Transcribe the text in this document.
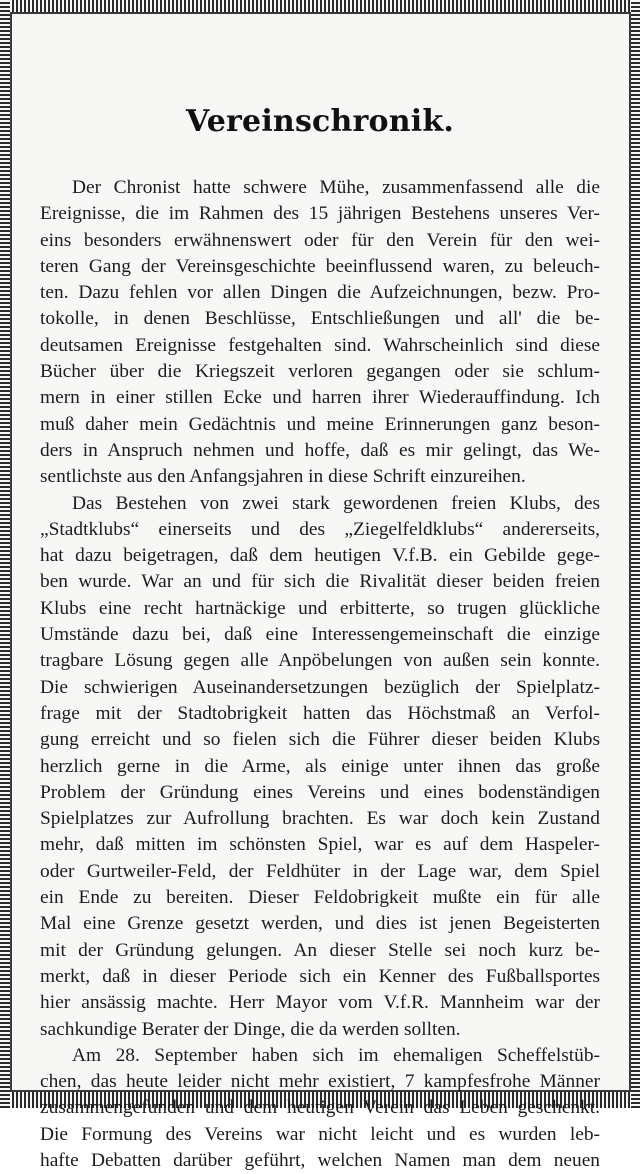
Vereinschronik.
Der Chronist hatte schwere Mühe, zusammenfassend alle die
Ereignisse, die im Rahmen des 15 jährigen Bestehens unseres Ver-
eins besonders erwähnenswert oder für den Verein für den wei-
teren Gang der Vereinsgeschichte beeinflussend waren, zu beleuch-
ten. Dazu fehlen vor allen Dingen die Aufzeichnungen, bezw. Pro-
tokolle, in denen Beschlüsse, Entschließungen und all' die be-
deutsamen Ereignisse festgehalten sind. Wahrscheinlich sind diese
Bücher über die Kriegszeit verloren gegangen oder sie schlum-
mern in einer stillen Ecke und harren ihrer Wiederauffindung. Ich
muß daher mein Gedächtnis und meine Erinnerungen ganz beson-
ders in Anspruch nehmen und hoffe, daß es mir gelingt, das We-
sentlichste aus den Anfangsjahren in diese Schrift einzureihen.
Das Bestehen von zwei stark gewordenen freien Klubs, des
„Stadtklubs“ einerseits und des „Ziegelfeldklubs“ andererseits,
hat dazu beigetragen, daß dem heutigen V.f.B. ein Gebilde gege-
ben wurde. War an und für sich die Rivalität dieser beiden freien
Klubs eine recht hartnäckige und erbitterte, so trugen glückliche
Umstände dazu bei, daß eine Interessengemeinschaft die einzige
tragbare Lösung gegen alle Anpöbelungen von außen sein konnte.
Die schwierigen Auseinandersetzungen bezüglich der Spielplatz-
frage mit der Stadtobrigkeit hatten das Höchstmaß an Verfol-
gung erreicht und so fielen sich die Führer dieser beiden Klubs
herzlich gerne in die Arme, als einige unter ihnen das große
Problem der Gründung eines Vereins und eines bodenständigen
Spielplatzes zur Aufrollung brachten. Es war doch kein Zustand
mehr, daß mitten im schönsten Spiel, war es auf dem Haspeler-
oder Gurtweiler-Feld, der Feldhüter in der Lage war, dem Spiel
ein Ende zu bereiten. Dieser Feldobrigkeit mußte ein für alle
Mal eine Grenze gesetzt werden, und dies ist jenen Begeisterten
mit der Gründung gelungen. An dieser Stelle sei noch kurz be-
merkt, daß in dieser Periode sich ein Kenner des Fußballsportes
hier ansässig machte. Herr Mayor vom V.f.R. Mannheim war der
sachkundige Berater der Dinge, die da werden sollten.
Am 28. September haben sich im ehemaligen Scheffelstüb-
chen, das heute leider nicht mehr existiert, 7 kampfesfrohe Männer
zusammengefunden und dem heutigen Verein das Leben geschenkt.
Die Formung des Vereins war nicht leicht und es wurden leb-
hafte Debatten darüber geführt, welchen Namen man dem neuen
